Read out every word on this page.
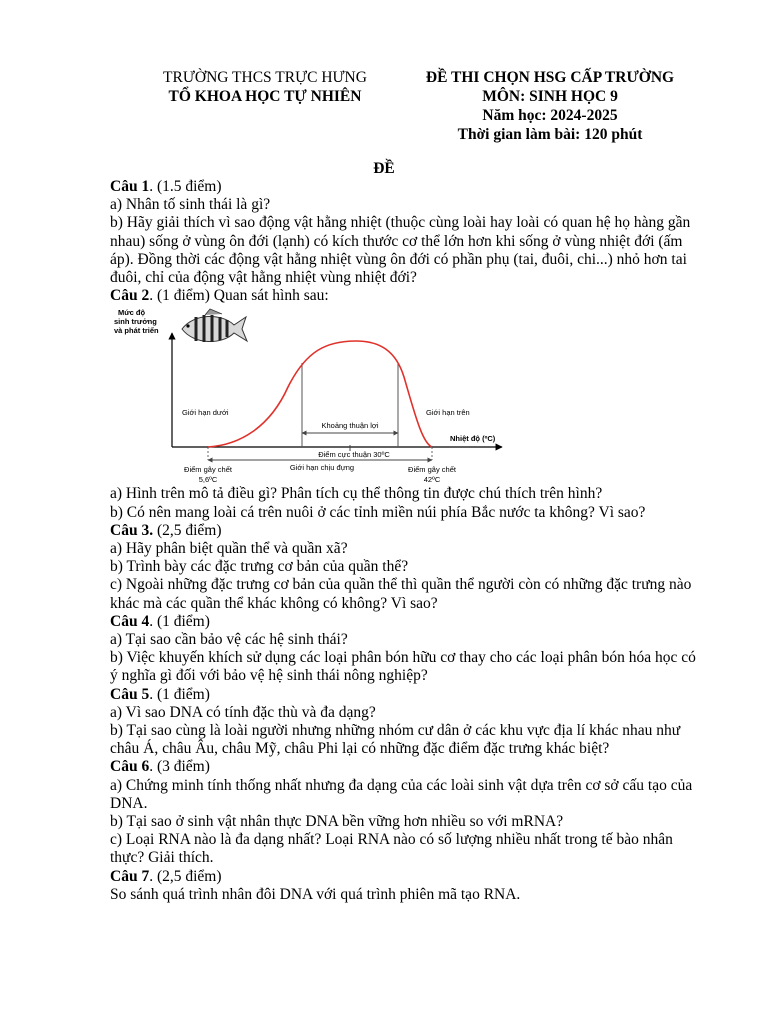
TRƯỜNG THCS TRỰC HƯNG
TỔ KHOA HỌC TỰ NHIÊN
ĐỀ THI CHỌN HSG CẤP TRƯỜNG
MÔN: SINH HỌC 9
Năm học: 2024-2025
Thời gian làm bài: 120 phút
ĐỀ

Câu 1. (1.5 điểm)

a) Nhân tố sinh thái là gì?

b) Hãy giải thích vì sao động vật hằng nhiệt (thuộc cùng loài hay loài có quan hệ họ hàng gần nhau) sống ở vùng ôn đới (lạnh) có kích thước cơ thể lớn hơn khi sống ở vùng nhiệt đới (ấm áp). Đồng thời các động vật hằng nhiệt vùng ôn đới có phần phụ (tai, đuôi, chi...) nhỏ hơn tai đuôi, chỉ của động vật hằng nhiệt vùng nhiệt đới?

Câu 2. (1 điểm) Quan sát hình sau:

Mức độ
sinh trưởng
và phát triển
Khoảng thuận lợi
Giới hạn dưới	Giới hạn trên
Nhiệt độ (ºC)
Điểm cực thuận 30ºC
Giới hạn chịu đựng
Điểm gây chết
5,6ºC
Điểm gây chết
42ºC

a) Hình trên mô tả điều gì? Phân tích cụ thể thông tin được chú thích trên hình?

b) Có nên mang loài cá trên nuôi ở các tỉnh miền núi phía Bắc nước ta không? Vì sao?

Câu 3. (2,5 điểm)

a) Hãy phân biệt quần thể và quần xã?

b) Trình bày các đặc trưng cơ bản của quần thể?

c) Ngoài những đặc trưng cơ bản của quần thể thì quần thể người còn có những đặc trưng nào khác mà các quần thể khác không có không? Vì sao?

Câu 4. (1 điểm)

a) Tại sao cần bảo vệ các hệ sinh thái?

b) Việc khuyến khích sử dụng các loại phân bón hữu cơ thay cho các loại phân bón hóa học có ý nghĩa gì đối với bảo vệ hệ sinh thái nông nghiệp?

Câu 5. (1 điểm)

a) Vì sao DNA có tính đặc thù và đa dạng?

b) Tại sao cùng là loài người nhưng những nhóm cư dân ở các khu vực địa lí khác nhau như châu Á, châu Âu, châu Mỹ, châu Phi lại có những đặc điểm đặc trưng khác biệt?

Câu 6. (3 điểm)

a) Chứng minh tính thống nhất nhưng đa dạng của các loài sinh vật dựa trên cơ sở cấu tạo của DNA.

b) Tại sao ở sinh vật nhân thực DNA bền vững hơn nhiều so với mRNA?

c) Loại RNA nào là đa dạng nhất? Loại RNA nào có số lượng nhiều nhất trong tế bào nhân thực? Giải thích.

Câu 7. (2,5 điểm)

So sánh quá trình nhân đôi DNA với quá trình phiên mã tạo RNA.
